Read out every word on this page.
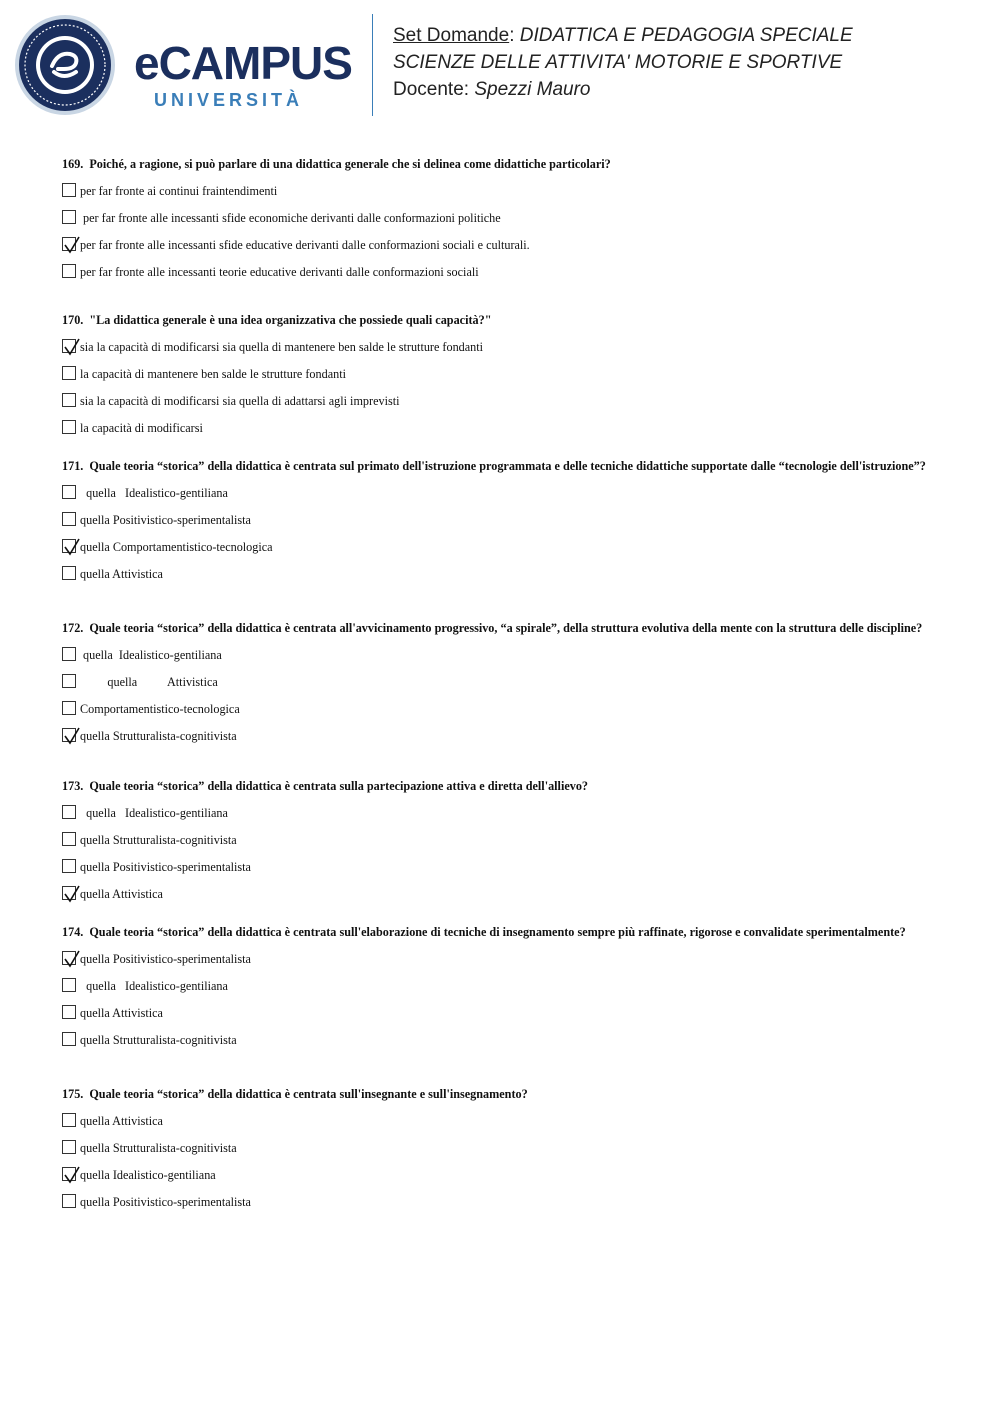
eCAMPUS
UNIVERSITÀ
Set Domande: DIDATTICA E PEDAGOGIA SPECIALE
SCIENZE DELLE ATTIVITA' MOTORIE E SPORTIVE
Docente: Spezzi Mauro
169. Poiché, a ragione, si può parlare di una didattica generale che si delinea come didattiche particolari?
per far fronte ai continui fraintendimenti
per far fronte alle incessanti sfide economiche derivanti dalle conformazioni politiche
per far fronte alle incessanti sfide educative derivanti dalle conformazioni sociali e culturali.
per far fronte alle incessanti teorie educative derivanti dalle conformazioni sociali
170. "La didattica generale è una idea organizzativa che possiede quali capacità?"
sia la capacità di modificarsi sia quella di mantenere ben salde le strutture fondanti
la capacità di mantenere ben salde le strutture fondanti
sia la capacità di modificarsi sia quella di adattarsi agli imprevisti
la capacità di modificarsi
171. Quale teoria “storica” della didattica è centrata sul primato dell'istruzione programmata e delle tecniche didattiche supportate dalle “tecnologie dell'istruzione”?
quella   Idealistico-gentiliana
quella Positivistico-sperimentalista
quella Comportamentistico-tecnologica
quella Attivistica
172. Quale teoria “storica” della didattica è centrata all'avvicinamento progressivo, “a spirale”, della struttura evolutiva della mente con la struttura delle discipline?
quella  Idealistico-gentiliana
quella          Attivistica
Comportamentistico-tecnologica
quella Strutturalista-cognitivista
173. Quale teoria “storica” della didattica è centrata sulla partecipazione attiva e diretta dell'allievo?
quella   Idealistico-gentiliana
quella Strutturalista-cognitivista
quella Positivistico-sperimentalista
quella Attivistica
174. Quale teoria “storica” della didattica è centrata sull'elaborazione di tecniche di insegnamento sempre più raffinate, rigorose e convalidate sperimentalmente?
quella Positivistico-sperimentalista
quella   Idealistico-gentiliana
quella Attivistica
quella Strutturalista-cognitivista
175. Quale teoria “storica” della didattica è centrata sull'insegnante e sull'insegnamento?
quella Attivistica
quella Strutturalista-cognitivista
quella Idealistico-gentiliana
quella Positivistico-sperimentalista
